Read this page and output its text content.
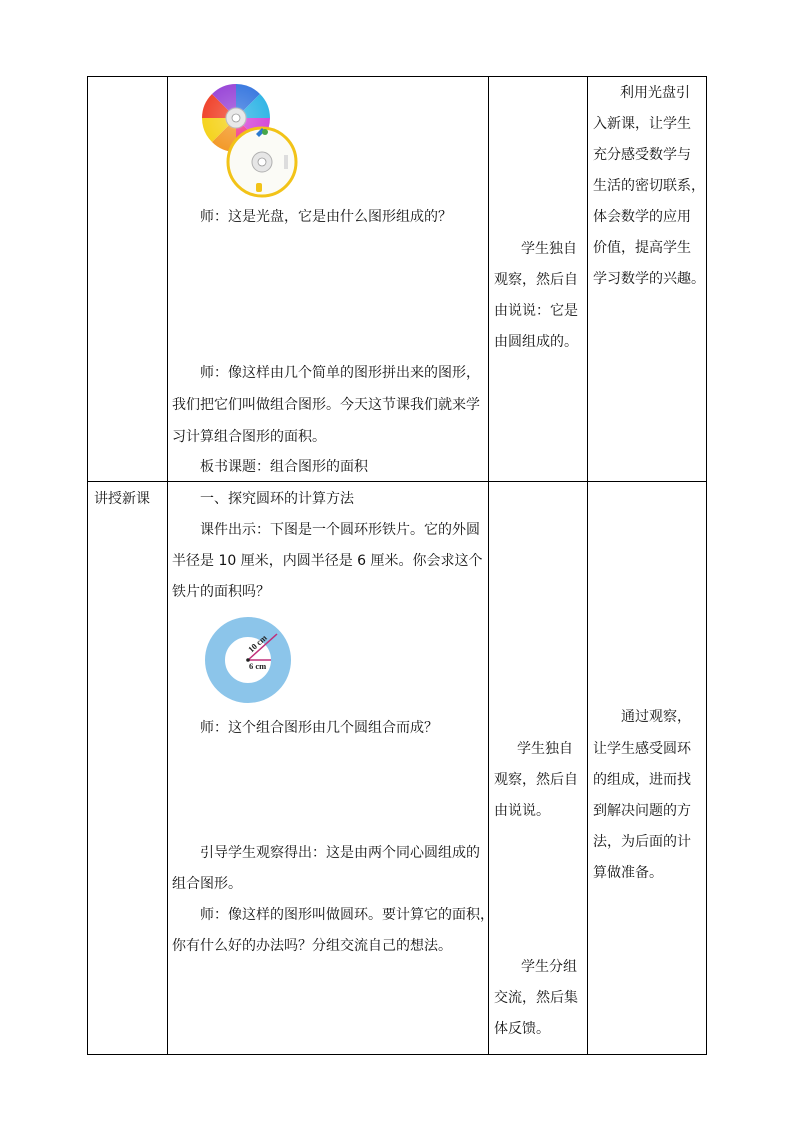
师：这是光盘，它是由什么图形组成的？

师：像这样由几个简单的图形拼出来的图形，

我们把它们叫做组合图形。今天这节课我们就来学

习计算组合图形的面积。

板书课题：组合图形的面积

学生独自

观察，然后自

由说说：它是

由圆组成的。

利用光盘引

入新课，让学生

充分感受数学与

生活的密切联系，

体会数学的应用

价值，提高学生

学习数学的兴趣。

讲授新课	一、探究圆环的计算方法

课件出示：下图是一个圆环形铁片。它的外圆

半径是 10 厘米，内圆半径是 6 厘米。你会求这个

铁片的面积吗？

10 cm
6 cm

师：这个组合图形由几个圆组合而成？

引导学生观察得出：这是由两个同心圆组成的

组合图形。

师：像这样的图形叫做圆环。要计算它的面积，

你有什么好的办法吗？分组交流自己的想法。

学生独自

观察，然后自

由说说。

学生分组

交流，然后集

体反馈。

通过观察，

让学生感受圆环

的组成，进而找

到解决问题的方

法，为后面的计

算做准备。
